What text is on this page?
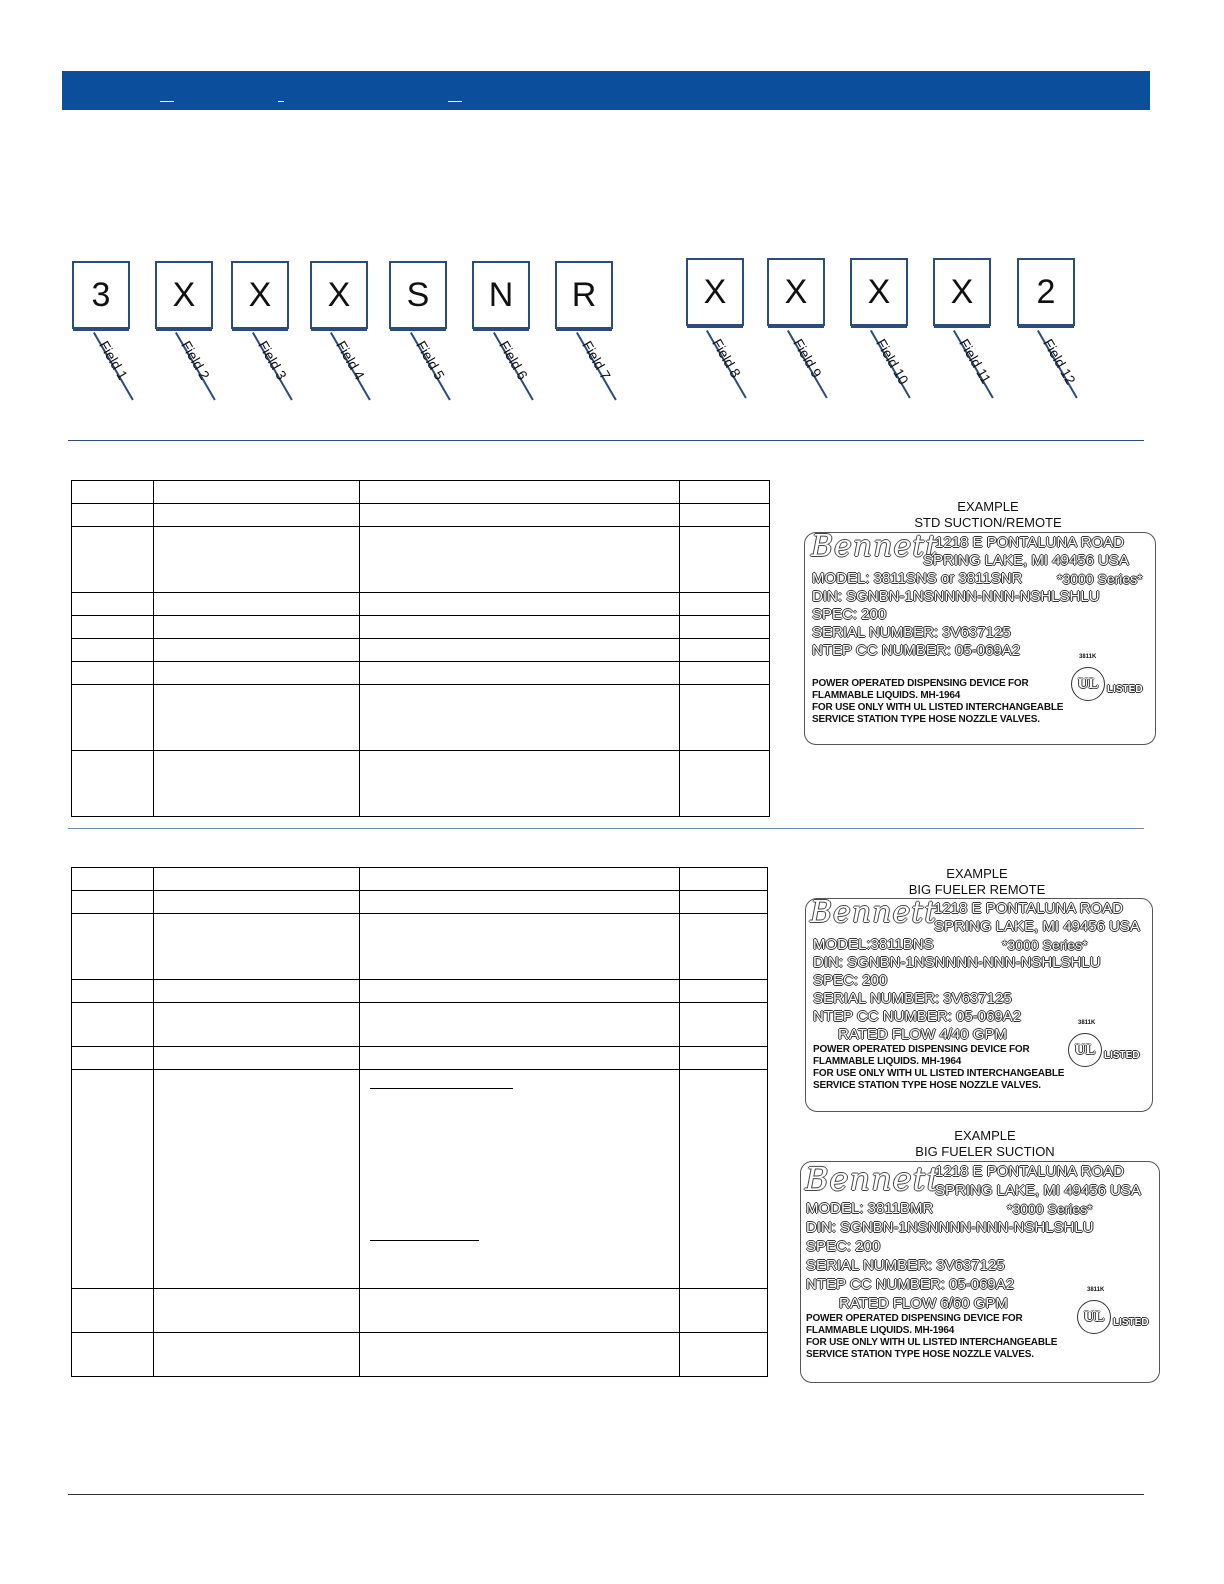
3	X	X	X	S	N	R	X	X	X	X	2
Field 1	Field 2	Field 3	Field 4	Field 5	Field 6	Field 7	Field 8	Field 9	Field 10	Field 11	Field 12

EXAMPLE
STD SUCTION/REMOTE
Bennett
1218 E PONTALUNA ROAD
SPRING LAKE, MI 49456 USA
MODEL: 3811SNS or 3811SNR *3000 Series*
DIN: SGNBN-1NSNNNN-NNN-NSHLSHLU
SPEC: 200
SERIAL NUMBER: 3V637125
NTEP CC NUMBER: 05-069A2
POWER OPERATED DISPENSING DEVICE FOR
FLAMMABLE LIQUIDS. MH-1964
FOR USE ONLY WITH UL LISTED INTERCHANGEABLE
SERVICE STATION TYPE HOSE NOZZLE VALVES.
3811K
UL LISTED

EXAMPLE
BIG FUELER REMOTE
Bennett
1218 E PONTALUNA ROAD
SPRING LAKE, MI 49456 USA
MODEL:3811BNS	*3000 Series*
DIN: SGNBN-1NSNNNN-NNN-NSHLSHLU
SPEC: 200
SERIAL NUMBER: 3V637125
NTEP CC NUMBER: 05-069A2
RATED FLOW 4/40 GPM
POWER OPERATED DISPENSING DEVICE FOR
FLAMMABLE LIQUIDS. MH-1964
FOR USE ONLY WITH UL LISTED INTERCHANGEABLE
SERVICE STATION TYPE HOSE NOZZLE VALVES.
3811K
UL LISTED
EXAMPLE
BIG FUELER SUCTION
Bennett
1218 E PONTALUNA ROAD
SPRING LAKE, MI 49456 USA
MODEL: 3811BMR	*3000 Series*
DIN: SGNBN-1NSNNNN-NNN-NSHLSHLU
SPEC: 200
SERIAL NUMBER: 3V637125
NTEP CC NUMBER: 05-069A2
RATED FLOW 6/60 GPM
POWER OPERATED DISPENSING DEVICE FOR
FLAMMABLE LIQUIDS. MH-1964
FOR USE ONLY WITH UL LISTED INTERCHANGEABLE
SERVICE STATION TYPE HOSE NOZZLE VALVES.
3811K
UL LISTED
